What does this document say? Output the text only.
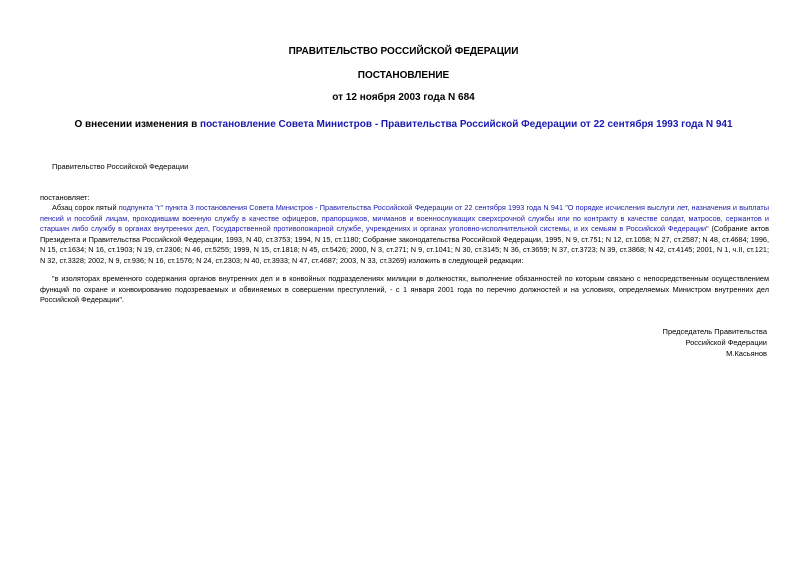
ПРАВИТЕЛЬСТВО РОССИЙСКОЙ ФЕДЕРАЦИИ
ПОСТАНОВЛЕНИЕ
от 12 ноября 2003 года N 684
О внесении изменения в постановление Совета Министров - Правительства Российской Федерации от 22 сентября 1993 года N 941
Правительство Российской Федерации
постановляет:
Абзац сорок пятый подпункта "г" пункта 3 постановления Совета Министров - Правительства Российской Федерации от 22 сентября 1993 года N 941 "О порядке исчисления выслуги лет, назначения и выплаты пенсий и пособий лицам, проходившим военную службу в качестве офицеров, прапорщиков, мичманов и военнослужащих сверхсрочной службы или по контракту в качестве солдат, матросов, сержантов и старшин либо службу в органах внутренних дел, Государственной противопожарной службе, учреждениях и органах уголовно-исполнительной системы, и их семьям в Российской Федерации" (Собрание актов Президента и Правительства Российской Федерации, 1993, N 40, ст.3753; 1994, N 15, ст.1180; Собрание законодательства Российской Федерации, 1995, N 9, ст.751; N 12, ст.1058; N 27, ст.2587; N 48, ст.4684; 1996, N 15, ст.1634; N 16, ст.1903; N 19, ст.2306; N 46, ст.5255; 1999, N 15, ст.1818; N 45, ст.5426; 2000, N 3, ст.271; N 9, ст.1041; N 30, ст.3145; N 36, ст.3659; N 37, ст.3723; N 39, ст.3868; N 42, ст.4145; 2001, N 1, ч.II, ст.121; N 32, ст.3328; 2002, N 9, ст.936; N 16, ст.1576; N 24, ст.2303; N 40, ст.3933; N 47, ст.4687; 2003, N 33, ст.3269) изложить в следующей редакции:
"в изоляторах временного содержания органов внутренних дел и в конвойных подразделениях милиции в должностях, выполнение обязанностей по которым связано с непосредственным осуществлением функций по охране и конвоированию подозреваемых и обвиняемых в совершении преступлений, - с 1 января 2001 года по перечню должностей и на условиях, определяемых Министром внутренних дел Российской Федерации".
Председатель Правительства
Российской Федерации
М.Касьянов
